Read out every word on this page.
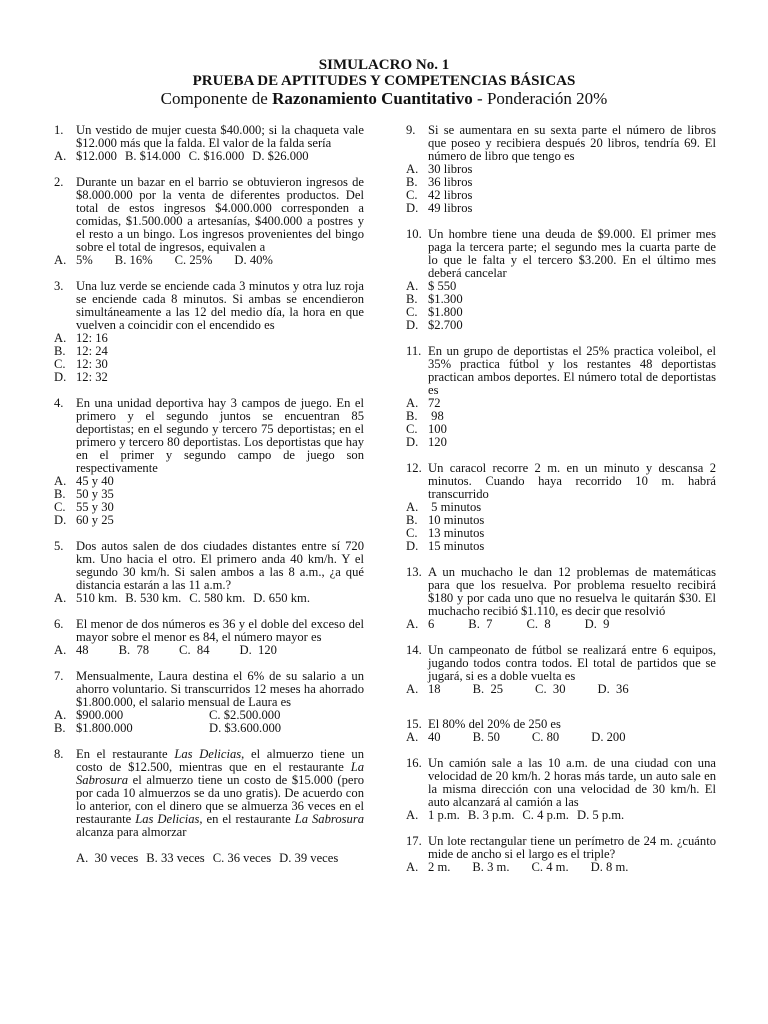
SIMULACRO No. 1
PRUEBA DE APTITUDES Y COMPETENCIAS BÁSICAS
Componente de Razonamiento Cuantitativo - Ponderación 20%
1. Un vestido de mujer cuesta $40.000; si la chaqueta vale $12.000 más que la falda. El valor de la falda sería
A. $12.000 B. $14.000 C. $16.000 D. $26.000
2. Durante un bazar en el barrio se obtuvieron ingresos de $8.000.000 por la venta de diferentes productos. Del total de estos ingresos $4.000.000 corresponden a comidas, $1.500.000 a artesanías, $400.000 a postres y el resto a un bingo. Los ingresos provenientes del bingo sobre el total de ingresos, equivalen a
A. 5% B. 16% C. 25% D. 40%
3. Una luz verde se enciende cada 3 minutos y otra luz roja se enciende cada 8 minutos. Si ambas se encendieron simultáneamente a las 12 del medio día, la hora en que vuelven a coincidir con el encendido es
A. 12: 16
B. 12: 24
C. 12: 30
D. 12: 32
4. En una unidad deportiva hay 3 campos de juego. En el primero y el segundo juntos se encuentran 85 deportistas; en el segundo y tercero 75 deportistas; en el primero y tercero 80 deportistas. Los deportistas que hay en el primer y segundo campo de juego son respectivamente
A. 45 y 40
B. 50 y 35
C. 55 y 30
D. 60 y 25
5. Dos autos salen de dos ciudades distantes entre sí 720 km. Uno hacia el otro. El primero anda 40 km/h. Y el segundo 30 km/h. Si salen ambos a las 8 a.m., ¿a qué distancia estarán a las 11 a.m.?
A. 510 km. B. 530 km. C. 580 km. D. 650 km.
6. El menor de dos números es 36 y el doble del exceso del mayor sobre el menor es 84, el número mayor es
A. 48 B. 78 C. 84 D. 120
7. Mensualmente, Laura destina el 6% de su salario a un ahorro voluntario. Si transcurridos 12 meses ha ahorrado $1.800.000, el salario mensual de Laura es
A. $900.000	C. $2.500.000
B. $1.800.000	D. $3.600.000
8. En el restaurante Las Delicias, el almuerzo tiene un costo de $12.500, mientras que en el restaurante La Sabrosura el almuerzo tiene un costo de $15.000 (pero por cada 10 almuerzos se da uno gratis). De acuerdo con lo anterior, con el dinero que se almuerza 36 veces en el restaurante Las Delicias, en el restaurante La Sabrosura alcanza para almorzar
A. 30 veces B. 33 veces C. 36 veces D. 39 veces
9. Si se aumentara en su sexta parte el número de libros que poseo y recibiera después 20 libros, tendría 69. El número de libro que tengo es
A. 30 libros
B. 36 libros
C. 42 libros
D. 49 libros
10. Un hombre tiene una deuda de $9.000. El primer mes paga la tercera parte; el segundo mes la cuarta parte de lo que le falta y el tercero $3.200. En el último mes deberá cancelar
A. $ 550
B. $1.300
C. $1.800
D. $2.700
11. En un grupo de deportistas el 25% practica voleibol, el 35% practica fútbol y los restantes 48 deportistas practican ambos deportes. El número total de deportistas es
A. 72
B. 98
C. 100
D. 120
12. Un caracol recorre 2 m. en un minuto y descansa 2 minutos. Cuando haya recorrido 10 m. habrá transcurrido
A. 5 minutos
B. 10 minutos
C. 13 minutos
D. 15 minutos
13. A un muchacho le dan 12 problemas de matemáticas para que los resuelva. Por problema resuelto recibirá $180 y por cada uno que no resuelva le quitarán $30. El muchacho recibió $1.110, es decir que resolvió
A. 6	B. 7	C. 8	D. 9
14. Un campeonato de fútbol se realizará entre 6 equipos, jugando todos contra todos. El total de partidos que se jugará, si es a doble vuelta es
A. 18	B. 25	C. 30	D. 36
15. El 80% del 20% de 250 es
A. 40	B. 50	C. 80	D. 200
16. Un camión sale a las 10 a.m. de una ciudad con una velocidad de 20 km/h. 2 horas más tarde, un auto sale en la misma dirección con una velocidad de 30 km/h. El auto alcanzará al camión a las
A. 1 p.m. B. 3 p.m. C. 4 p.m. D. 5 p.m.
17. Un lote rectangular tiene un perímetro de 24 m. ¿cuánto mide de ancho si el largo es el triple?
A. 2 m. B. 3 m. C. 4 m. D. 8 m.
